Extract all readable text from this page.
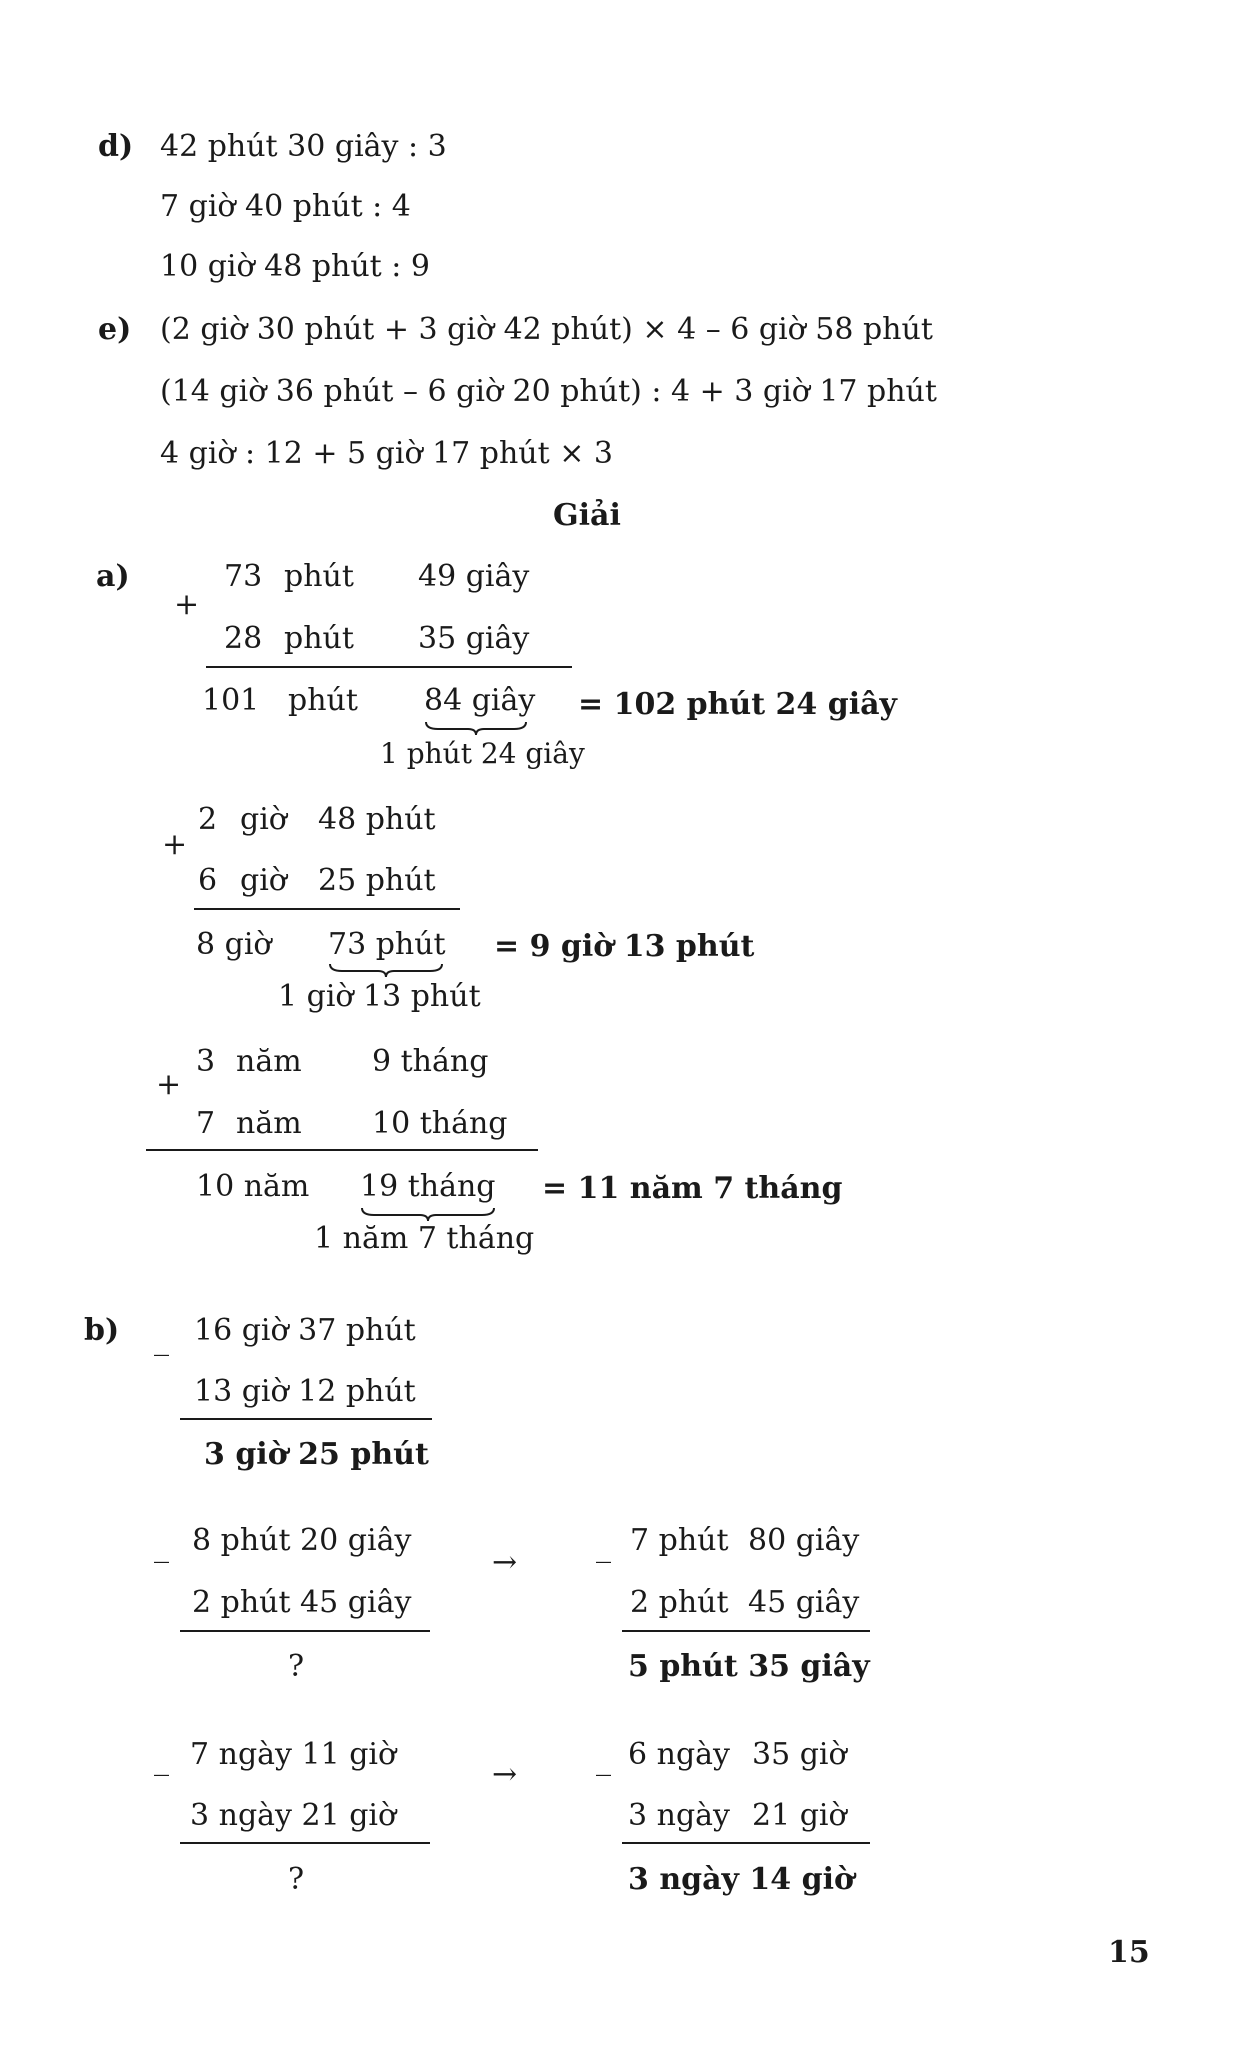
d) 42 phút 30 giây : 3
7 giờ 40 phút : 4
10 giờ 48 phút : 9
e) (2 giờ 30 phút + 3 giờ 42 phút) × 4 – 6 giờ 58 phút
(14 giờ 36 phút – 6 giờ 20 phút) : 4 + 3 giờ 17 phút
4 giờ : 12 + 5 giờ 17 phút × 3
Giải
a)
+
73 phút 49 giây
28 phút 35 giây
101 phút 84 giây
1 phút 24 giây
= 102 phút 24 giây
+
2 giờ 48 phút
6 giờ 25 phút
8 giờ 73 phút
1 giờ 13 phút
= 9 giờ 13 phút
+
3 năm 9 tháng
7 năm 10 tháng
10 năm 19 tháng
1 năm 7 tháng
= 11 năm 7 tháng
b) _ 16 giờ 37 phút
13 giờ 12 phút
3 giờ 25 phút
_ 8 phút 20 giây
2 phút 45 giây
?
→	_ 7 phút 80 giây
2 phút 45 giây
5 phút 35 giây
_ 7 ngày 11 giờ
3 ngày 21 giờ
?
→	_ 6 ngày 35 giờ
3 ngày 21 giờ
3 ngày 14 giờ
15
